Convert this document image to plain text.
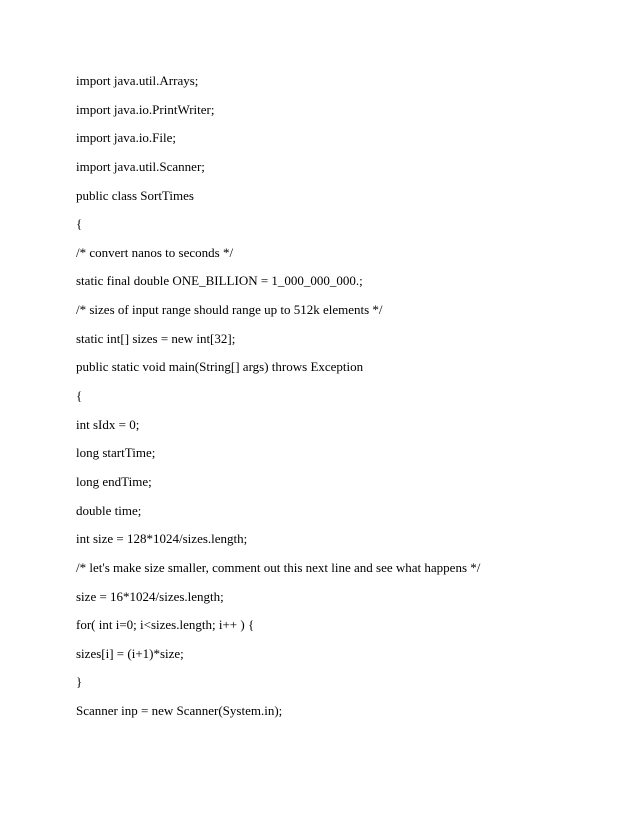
import java.util.Arrays;
import java.io.PrintWriter;
import java.io.File;
import java.util.Scanner;
public class SortTimes
{
/* convert nanos to seconds */
static final double ONE_BILLION = 1_000_000_000.;
/* sizes of input range should range up to 512k elements */
static int[] sizes = new int[32];
public static void main(String[] args) throws Exception
{
int sIdx = 0;
long startTime;
long endTime;
double time;
int size = 128*1024/sizes.length;
/* let's make size smaller, comment out this next line and see what happens */
size = 16*1024/sizes.length;
for( int i=0; i<sizes.length; i++ ) {
sizes[i] = (i+1)*size;
}
Scanner inp = new Scanner(System.in);
